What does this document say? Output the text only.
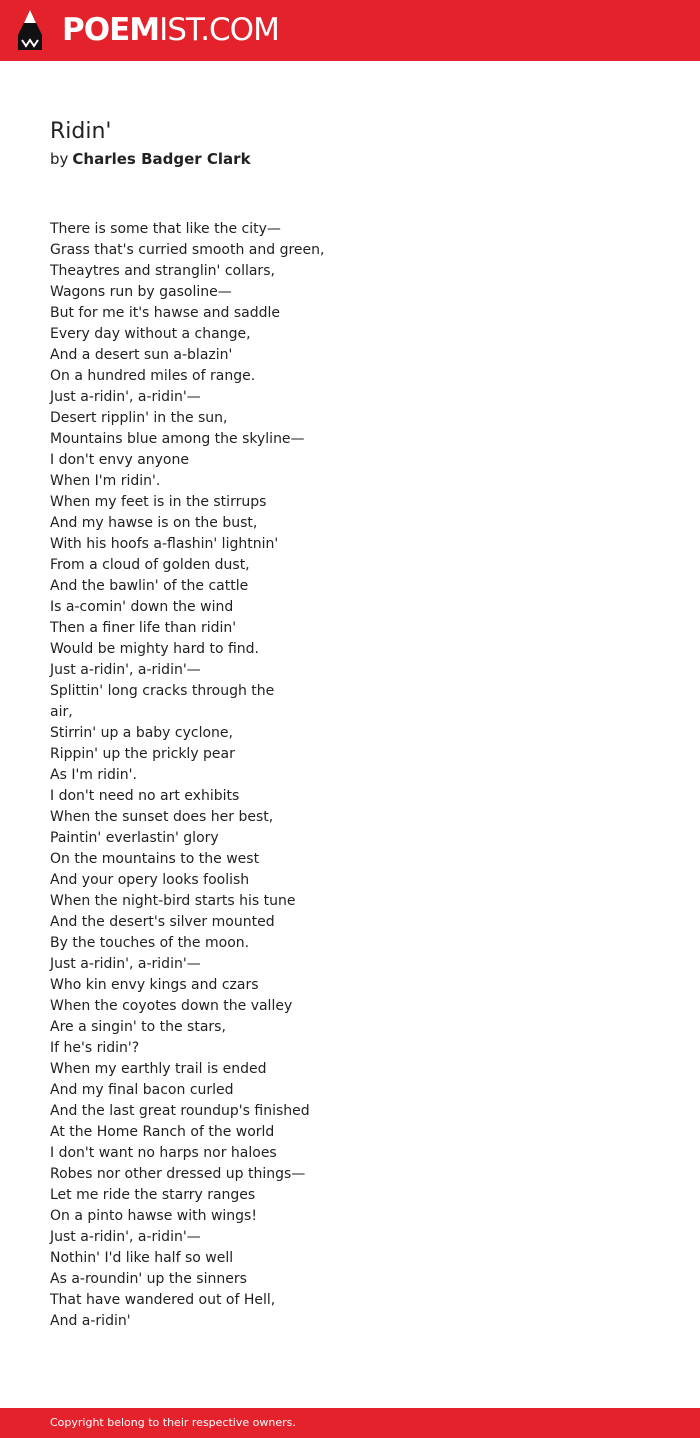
POEMIST.COM
Ridin'
by Charles Badger Clark
There is some that like the city—
Grass that's curried smooth and green,
Theaytres and stranglin' collars,
Wagons run by gasoline—
But for me it's hawse and saddle
Every day without a change,
And a desert sun a-blazin'
On a hundred miles of range.
Just a-ridin', a-ridin'—
Desert ripplin' in the sun,
Mountains blue among the skyline—
I don't envy anyone
When I'm ridin'.
When my feet is in the stirrups
And my hawse is on the bust,
With his hoofs a-flashin' lightnin'
From a cloud of golden dust,
And the bawlin' of the cattle
Is a-comin' down the wind
Then a finer life than ridin'
Would be mighty hard to find.
Just a-ridin', a-ridin'—
Splittin' long cracks through the
air,
Stirrin' up a baby cyclone,
Rippin' up the prickly pear
As I'm ridin'.
I don't need no art exhibits
When the sunset does her best,
Paintin' everlastin' glory
On the mountains to the west
And your opery looks foolish
When the night-bird starts his tune
And the desert's silver mounted
By the touches of the moon.
Just a-ridin', a-ridin'—
Who kin envy kings and czars
When the coyotes down the valley
Are a singin' to the stars,
If he's ridin'?
When my earthly trail is ended
And my final bacon curled
And the last great roundup's finished
At the Home Ranch of the world
I don't want no harps nor haloes
Robes nor other dressed up things—
Let me ride the starry ranges
On a pinto hawse with wings!
Just a-ridin', a-ridin'—
Nothin' I'd like half so well
As a-roundin' up the sinners
That have wandered out of Hell,
And a-ridin'
Copyright belong to their respective owners.
